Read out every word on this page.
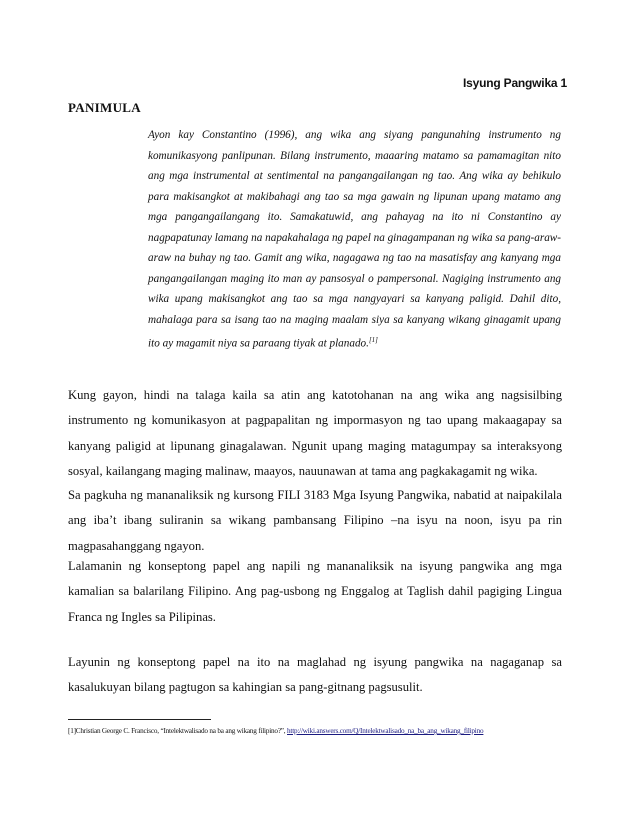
Isyung Pangwika 1
PANIMULA
Ayon kay Constantino (1996), ang wika ang siyang pangunahing instrumento ng komunikasyong panlipunan. Bilang instrumento, maaaring matamo sa pamamagitan nito ang mga instrumental at sentimental na pangangailangan ng tao. Ang wika ay behikulo para makisangkot at makibahagi ang tao sa mga gawain ng lipunan upang matamo ang mga pangangailangang ito. Samakatuwid, ang pahayag na ito ni Constantino ay nagpapatunay lamang na napakahalaga ng papel na ginagampanan ng wika sa pang-araw-araw na buhay ng tao. Gamit ang wika, nagagawa ng tao na masatisfay ang kanyang mga pangangailangan maging ito man ay pansosyal o pampersonal. Nagiging instrumento ang wika upang makisangkot ang tao sa mga nangyayari sa kanyang paligid. Dahil dito, mahalaga para sa isang tao na maging maalam siya sa kanyang wikang ginagamit upang ito ay magamit niya sa paraang tiyak at planado.[1]
Kung gayon, hindi na talaga kaila sa atin ang katotohanan na ang wika ang nagsisilbing instrumento ng komunikasyon at pagpapalitan ng impormasyon ng tao upang makaagapay sa kanyang paligid at lipunang ginagalawan. Ngunit upang maging matagumpay sa interaksyong sosyal, kailangang maging malinaw, maayos, nauunawan at tama ang pagkakagamit ng wika.
Sa pagkuha ng mananaliksik ng kursong FILI 3183 Mga Isyung Pangwika, nabatid at naipakilala ang iba’t ibang suliranin sa wikang pambansang Filipino –na isyu na noon, isyu pa rin magpasahanggang ngayon.
Lalamanin ng konseptong papel ang napili ng mananaliksik na isyung pangwika ang mga kamalian sa balarilang Filipino. Ang pag-usbong ng Enggalog at Taglish dahil pagiging Lingua Franca ng Ingles sa Pilipinas.
Layunin ng konseptong papel na ito na maglahad ng isyung pangwika na nagaganap sa kasalukuyan bilang pagtugon sa kahingian sa pang-gitnang pagsusulit.
[1]Christian George C. Francisco, “Intelektwalisado na ba ang wikang filipino?”, http://wiki.answers.com/Q/Intelektwalisado_na_ba_ang_wikang_filipino
